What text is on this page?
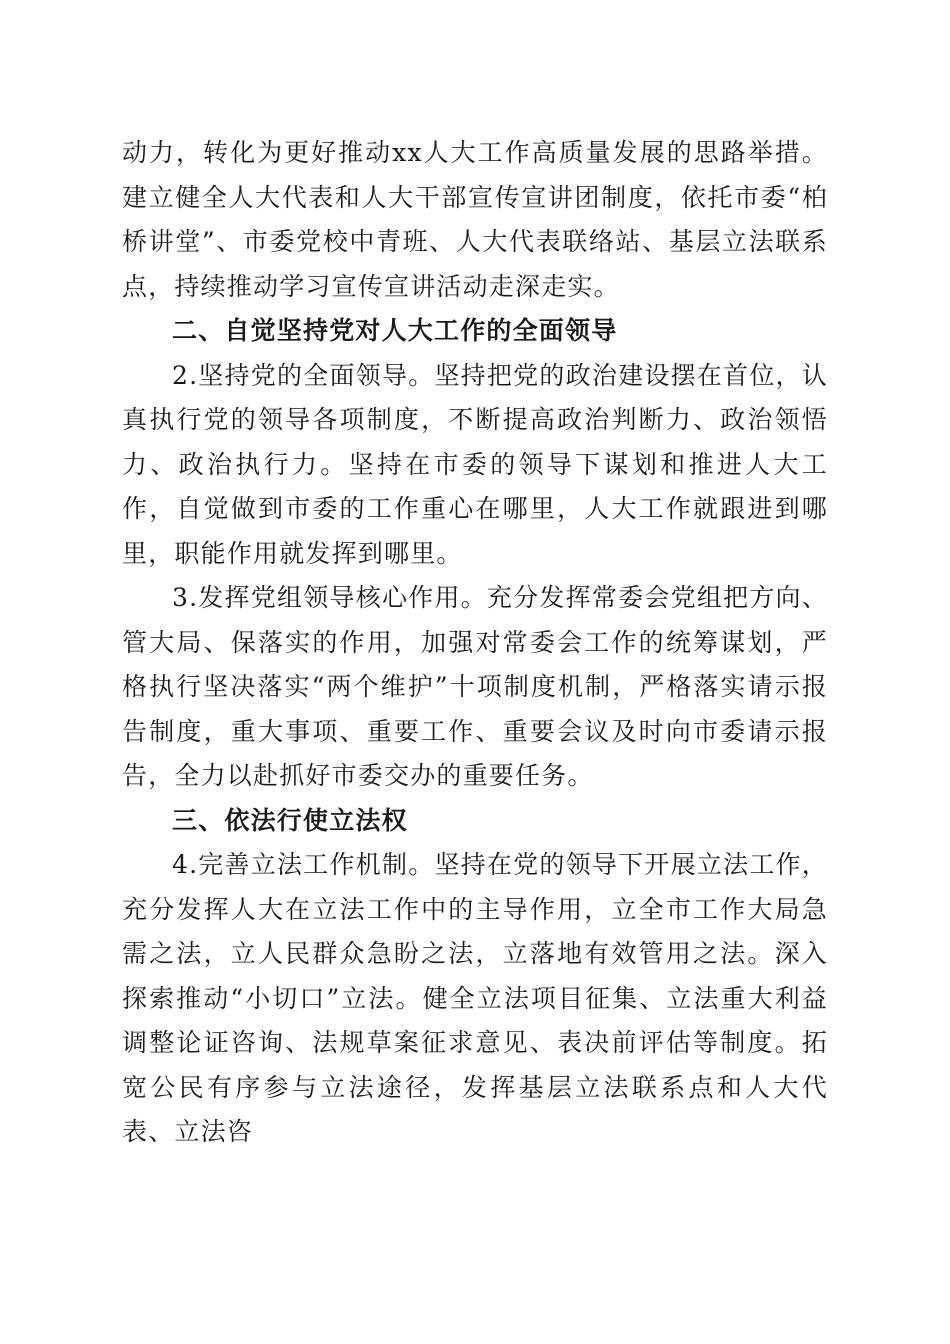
动力，转化为更好推动xx人大工作高质量发展的思路举措。建立健全人大代表和人大干部宣传宣讲团制度，依托市委“柏桥讲堂”、市委党校中青班、人大代表联络站、基层立法联系点，持续推动学习宣传宣讲活动走深走实。

二、自觉坚持党对人大工作的全面领导

2.坚持党的全面领导。坚持把党的政治建设摆在首位，认真执行党的领导各项制度，不断提高政治判断力、政治领悟力、政治执行力。坚持在市委的领导下谋划和推进人大工作，自觉做到市委的工作重心在哪里，人大工作就跟进到哪里，职能作用就发挥到哪里。

3.发挥党组领导核心作用。充分发挥常委会党组把方向、管大局、保落实的作用，加强对常委会工作的统筹谋划，严格执行坚决落实“两个维护”十项制度机制，严格落实请示报告制度，重大事项、重要工作、重要会议及时向市委请示报告，全力以赴抓好市委交办的重要任务。

三、依法行使立法权

4.完善立法工作机制。坚持在党的领导下开展立法工作，充分发挥人大在立法工作中的主导作用，立全市工作大局急需之法，立人民群众急盼之法，立落地有效管用之法。深入探索推动“小切口”立法。健全立法项目征集、立法重大利益调整论证咨询、法规草案征求意见、表决前评估等制度。拓宽公民有序参与立法途径，发挥基层立法联系点和人大代表、立法咨
